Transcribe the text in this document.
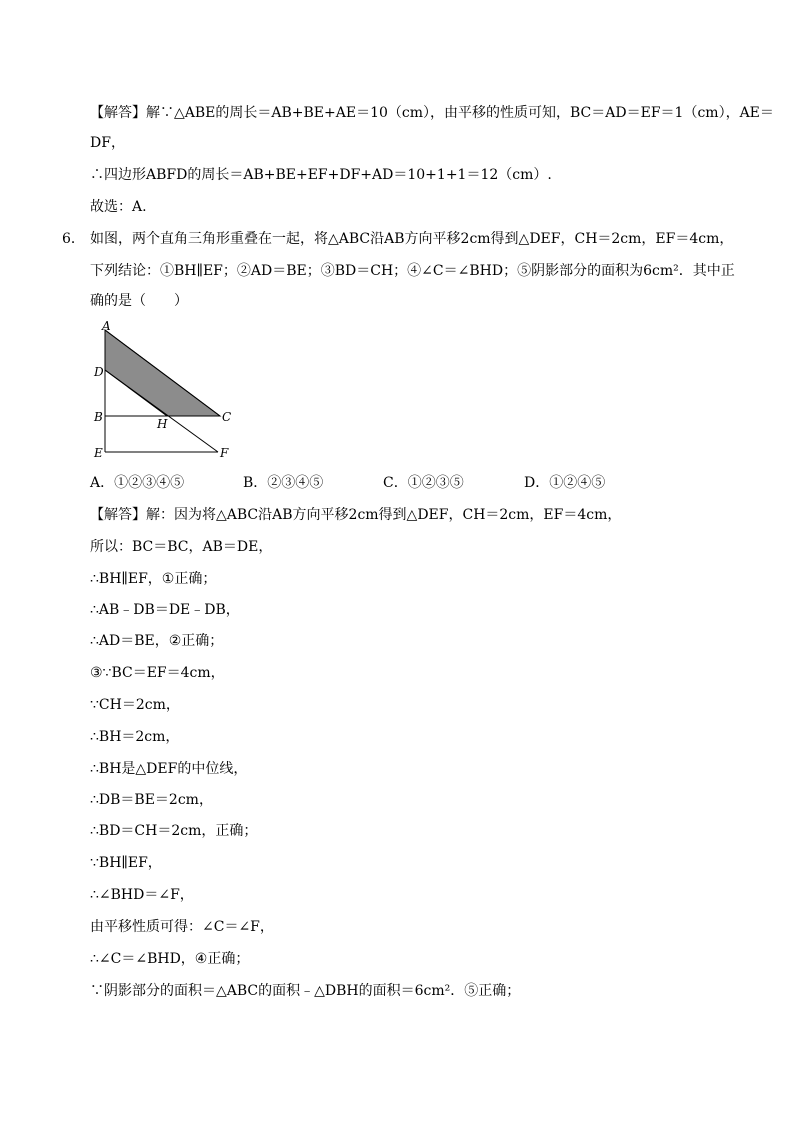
【解答】解∵△ABE的周长＝AB+BE+AE＝10（cm），由平移的性质可知，BC＝AD＝EF＝1（cm），AE＝
DF，
∴四边形ABFD的周长＝AB+BE+EF+DF+AD＝10+1+1＝12（cm）.
故选：A.
6． 如图，两个直角三角形重叠在一起，将△ABC沿AB方向平移2cm得到△DEF，CH＝2cm，EF＝4cm，
下列结论：①BH∥EF；②AD＝BE；③BD＝CH；④∠C＝∠BHD；⑤阴影部分的面积为6cm²．其中正
确的是（　　）
A
D
B
E
H	C
F
A．①②③④⑤	B．②③④⑤	C．①②③⑤	D．①②④⑤
【解答】解：因为将△ABC沿AB方向平移2cm得到△DEF，CH＝2cm，EF＝4cm，
所以：BC＝BC，AB＝DE，
∴BH∥EF，①正确；
∴AB﹣DB＝DE﹣DB，
∴AD＝BE，②正确；
③∵BC＝EF＝4cm，
∵CH＝2cm，
∴BH＝2cm，
∴BH是△DEF的中位线，
∴DB＝BE＝2cm，
∴BD＝CH＝2cm，正确；
∵BH∥EF，
∴∠BHD＝∠F，
由平移性质可得：∠C＝∠F，
∴∠C＝∠BHD，④正确；
∵阴影部分的面积＝△ABC的面积﹣△DBH的面积＝6cm²．⑤正确；
